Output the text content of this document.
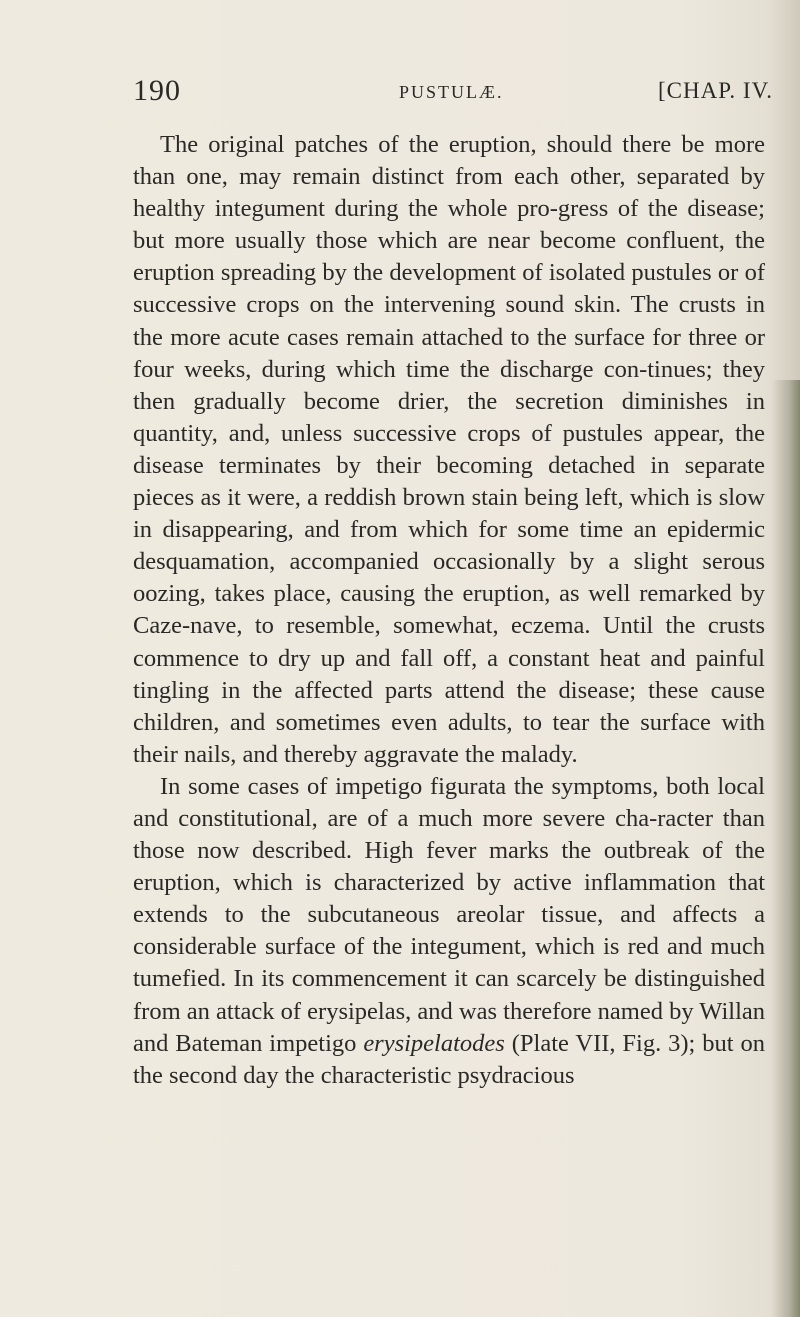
190	PUSTULÆ.	[CHAP. IV.

The original patches of the eruption, should there be more than one, may remain distinct from each other, separated by healthy integument during the whole pro-gress of the disease; but more usually those which are near become confluent, the eruption spreading by the development of isolated pustules or of successive crops on the intervening sound skin. The crusts in the more acute cases remain attached to the surface for three or four weeks, during which time the discharge con-tinues; they then gradually become drier, the secretion diminishes in quantity, and, unless successive crops of pustules appear, the disease terminates by their becoming detached in separate pieces as it were, a reddish brown stain being left, which is slow in disappearing, and from which for some time an epidermic desquamation, accompanied occasionally by a slight serous oozing, takes place, causing the eruption, as well remarked by Caze-nave, to resemble, somewhat, eczema. Until the crusts commence to dry up and fall off, a constant heat and painful tingling in the affected parts attend the disease; these cause children, and sometimes even adults, to tear the surface with their nails, and thereby aggravate the malady.

In some cases of impetigo figurata the symptoms, both local and constitutional, are of a much more severe cha-racter than those now described. High fever marks the outbreak of the eruption, which is characterized by active inflammation that extends to the subcutaneous areolar tissue, and affects a considerable surface of the integument, which is red and much tumefied. In its commencement it can scarcely be distinguished from an attack of erysipelas, and was therefore named by Willan and Bateman impetigo erysipelatodes (Plate VII, Fig. 3); but on the second day the characteristic psydracious
